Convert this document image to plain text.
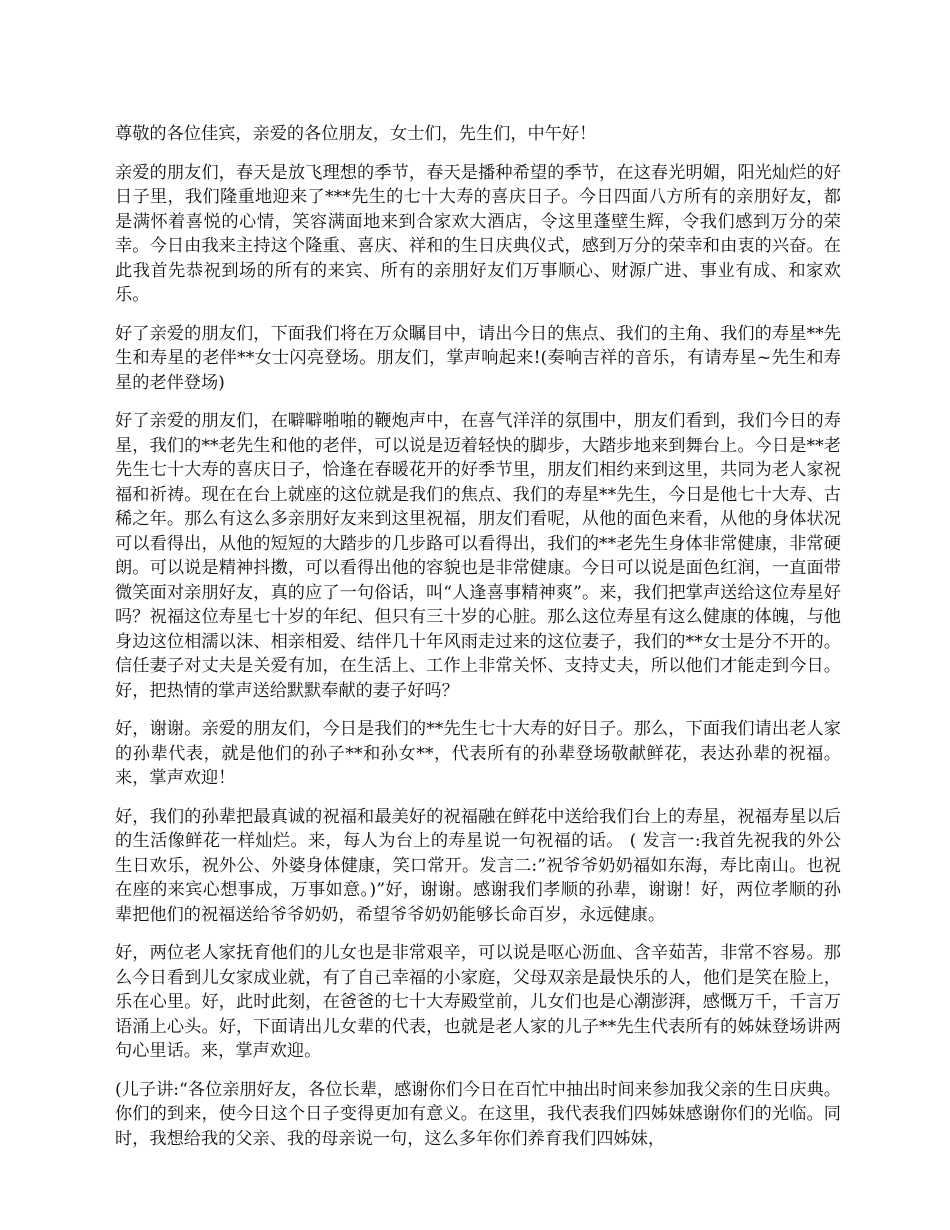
尊敬的各位佳宾，亲爱的各位朋友，女士们，先生们，中午好！

亲爱的朋友们，春天是放飞理想的季节，春天是播种希望的季节，在这春光明媚，阳光灿烂的好日子里，我们隆重地迎来了***先生的七十大寿的喜庆日子。今日四面八方所有的亲朋好友，都是满怀着喜悦的心情，笑容满面地来到合家欢大酒店，令这里蓬壁生辉，令我们感到万分的荣幸。今日由我来主持这个隆重、喜庆、祥和的生日庆典仪式，感到万分的荣幸和由衷的兴奋。在此我首先恭祝到场的所有的来宾、所有的亲朋好友们万事顺心、财源广进、事业有成、和家欢乐。

好了亲爱的朋友们，下面我们将在万众瞩目中，请出今日的焦点、我们的主角、我们的寿星**先生和寿星的老伴**女士闪亮登场。朋友们，掌声响起来!(奏响吉祥的音乐，有请寿星~先生和寿星的老伴登场)

好了亲爱的朋友们，在噼噼啪啪的鞭炮声中，在喜气洋洋的氛围中，朋友们看到，我们今日的寿星，我们的**老先生和他的老伴，可以说是迈着轻快的脚步，大踏步地来到舞台上。今日是**老先生七十大寿的喜庆日子，恰逢在春暖花开的好季节里，朋友们相约来到这里，共同为老人家祝福和祈祷。现在在台上就座的这位就是我们的焦点、我们的寿星**先生，今日是他七十大寿、古稀之年。那么有这么多亲朋好友来到这里祝福，朋友们看呢，从他的面色来看，从他的身体状况可以看得出，从他的短短的大踏步的几步路可以看得出，我们的**老先生身体非常健康，非常硬朗。可以说是精神抖擞，可以看得出他的容貌也是非常健康。今日可以说是面色红润，一直面带微笑面对亲朋好友，真的应了一句俗话，叫“人逢喜事精神爽”。来，我们把掌声送给这位寿星好吗？祝福这位寿星七十岁的年纪、但只有三十岁的心脏。那么这位寿星有这么健康的体魄，与他身边这位相濡以沫、相亲相爱、结伴几十年风雨走过来的这位妻子，我们的**女士是分不开的。信任妻子对丈夫是关爱有加，在生活上、工作上非常关怀、支持丈夫，所以他们才能走到今日。好，把热情的掌声送给默默奉献的妻子好吗？

好，谢谢。亲爱的朋友们，今日是我们的**先生七十大寿的好日子。那么，下面我们请出老人家的孙辈代表，就是他们的孙子**和孙女**，代表所有的孙辈登场敬献鲜花，表达孙辈的祝福。来，掌声欢迎！

好，我们的孙辈把最真诚的祝福和最美好的祝福融在鲜花中送给我们台上的寿星，祝福寿星以后的生活像鲜花一样灿烂。来，每人为台上的寿星说一句祝福的话。 ( 发言一:我首先祝我的外公生日欢乐，祝外公、外婆身体健康，笑口常开。发言二:”祝爷爷奶奶福如东海，寿比南山。也祝在座的来宾心想事成，万事如意。)”好，谢谢。感谢我们孝顺的孙辈，谢谢！好，两位孝顺的孙辈把他们的祝福送给爷爷奶奶，希望爷爷奶奶能够长命百岁，永远健康。

好，两位老人家抚育他们的儿女也是非常艰辛，可以说是呕心沥血、含辛茹苦，非常不容易。那么今日看到儿女家成业就，有了自己幸福的小家庭，父母双亲是最快乐的人，他们是笑在脸上，乐在心里。好，此时此刻，在爸爸的七十大寿殿堂前，儿女们也是心潮澎湃，感慨万千，千言万语涌上心头。好，下面请出儿女辈的代表，也就是老人家的儿子**先生代表所有的姊妹登场讲两句心里话。来，掌声欢迎。

(儿子讲:“各位亲朋好友，各位长辈，感谢你们今日在百忙中抽出时间来参加我父亲的生日庆典。你们的到来，使今日这个日子变得更加有意义。在这里，我代表我们四姊妹感谢你们的光临。同时，我想给我的父亲、我的母亲说一句，这么多年你们养育我们四姊妹，
